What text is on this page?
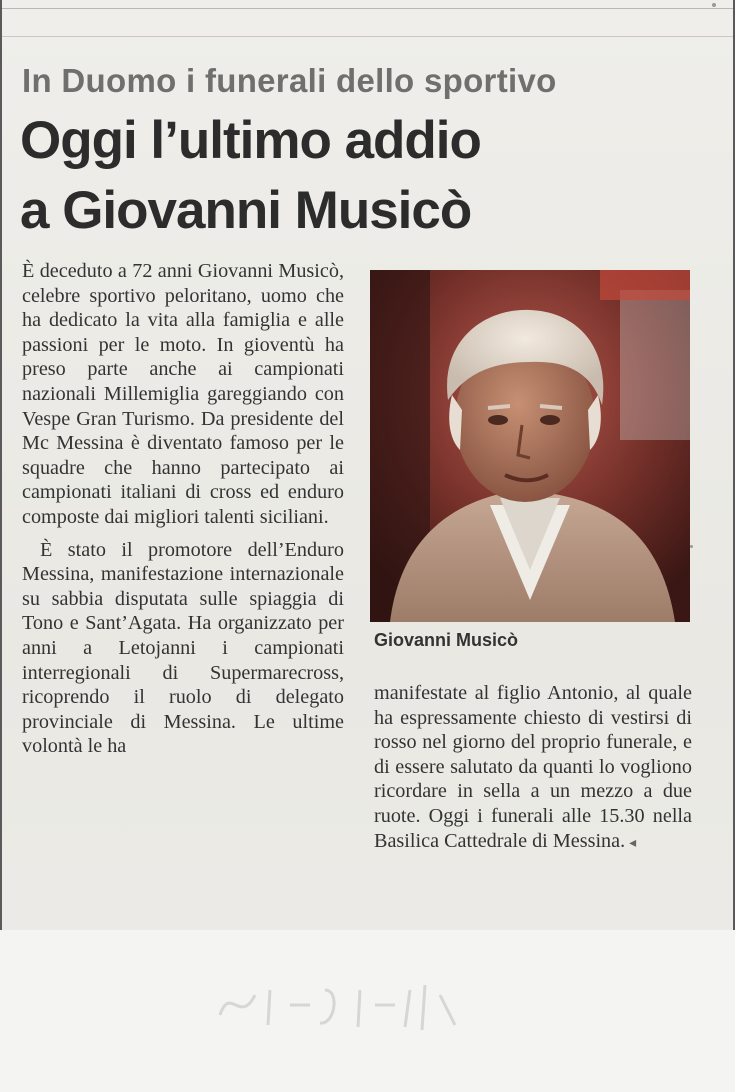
In Duomo i funerali dello sportivo
Oggi l’ultimo addio
a Giovanni Musicò

È deceduto a 72 anni Giovanni Musicò, celebre sportivo peloritano, uomo che ha dedicato la vita alla famiglia e alle passioni per le moto. In gioventù ha preso parte anche ai campionati nazionali Millemiglia gareggiando con Vespe Gran Turismo. Da presidente del Mc Messina è diventato famoso per le squadre che hanno partecipato ai campionati italiani di cross ed enduro composte dai migliori talenti siciliani.

È stato il promotore dell’Enduro Messina, manifestazione internazionale su sabbia disputata sulle spiaggia di Tono e Sant’Agata. Ha organizzato per anni a Letojanni i campionati interregionali di Supermarecross, ricoprendo il ruolo di delegato provinciale di Messina. Le ultime volontà le ha

Giovanni Musicò

manifestate al figlio Antonio, al quale ha espressamente chiesto di vestirsi di rosso nel giorno del proprio funerale, e di essere salutato da quanti lo vogliono ricordare in sella a un mezzo a due ruote. Oggi i funerali alle 15.30 nella Basilica Cattedrale di Messina. ◂
